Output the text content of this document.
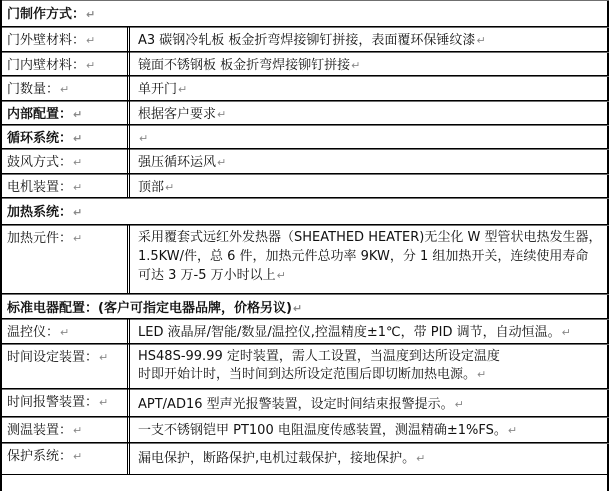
门制作方式：↵
门外壁材料：↵	A3 碳钢冷轧板 板金折弯焊接铆钉拼接，表面覆环保锤纹漆↵
门内壁材料：↵	镜面不锈钢板 板金折弯焊接铆钉拼接↵
门数量：↵	单开门↵
内部配置：↵	根据客户要求↵
循环系统：↵	↵
鼓风方式：↵	强压循环运风↵
电机装置：↵	顶部↵
加热系统：↵
加热元件：↵	采用覆套式远红外发热器（SHEATHED HEATER)无尘化 W 型管状电热发生器，
1.5KW/件，总 6 件，加热元件总功率 9KW，分 1 组加热开关，连续使用寿命
可达 3 万-5 万小时以上↵
标准电器配置：(客户可指定电器品牌，价格另议)↵
温控仪：↵	LED 液晶屏/智能/数显/温控仪,控温精度±1℃，带 PID 调节，自动恒温。↵
时间设定装置：↵	HS48S-99.99 定时装置，需人工设置，当温度到达所设定温度
时即开始计时，当时间到达所设定范围后即切断加热电源。↵
时间报警装置：↵	APT/AD16 型声光报警装置，设定时间结束报警提示。↵
测温装置：↵	一支不锈钢铠甲 PT100 电阻温度传感装置，测温精确±1%FS。↵
保护系统：↵	漏电保护，断路保护,电机过载保护，接地保护。↵
